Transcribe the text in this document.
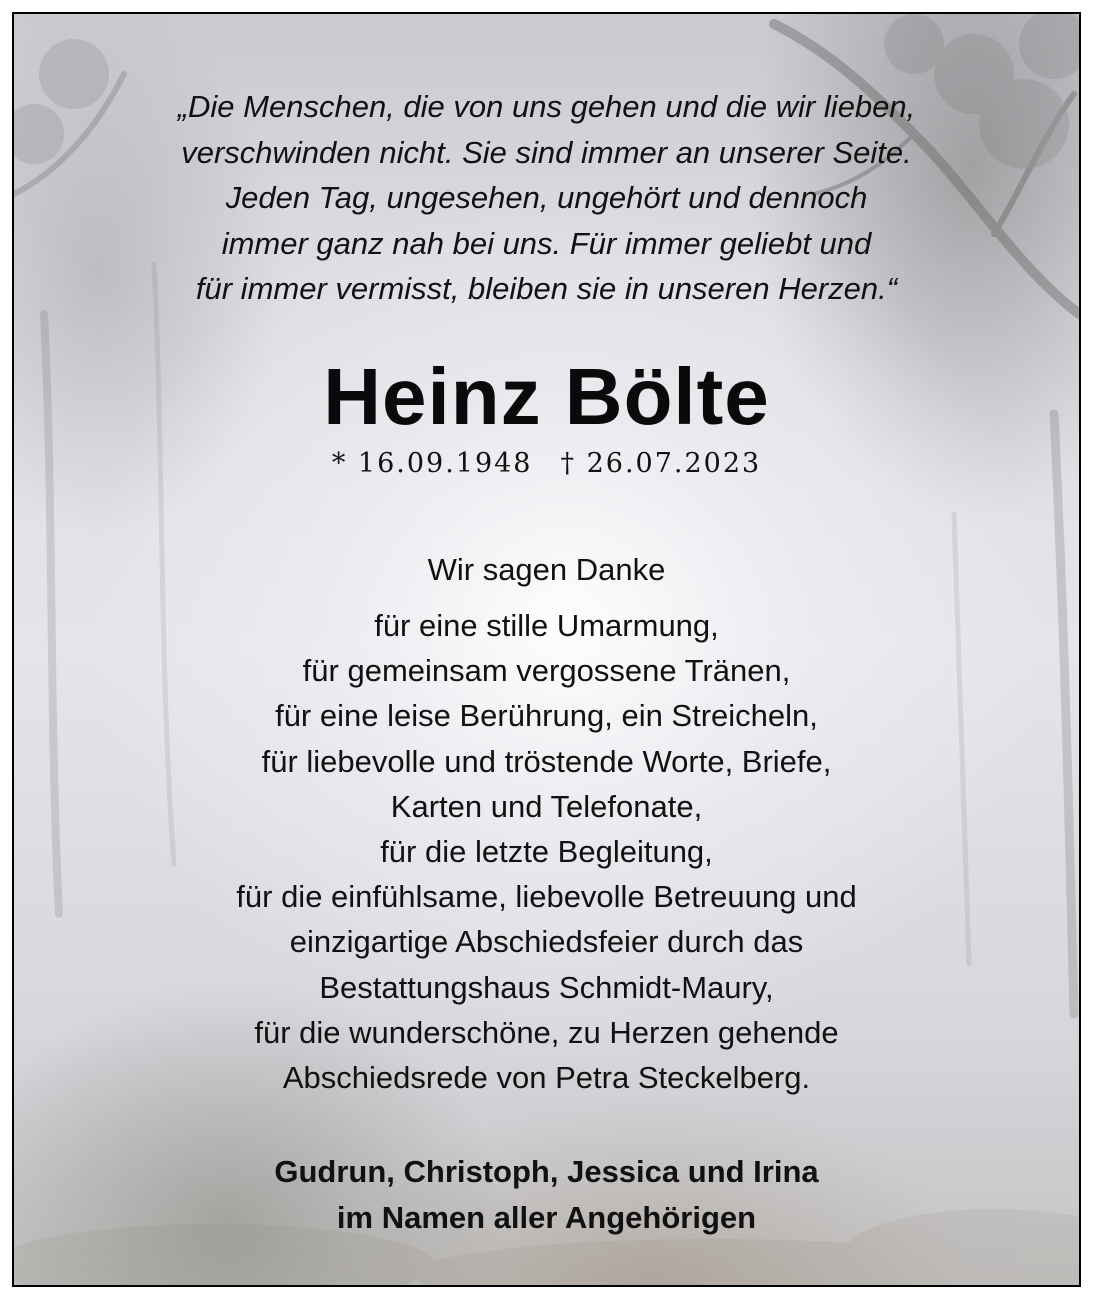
„Die Menschen, die von uns gehen und die wir lieben,
verschwinden nicht. Sie sind immer an unserer Seite.
Jeden Tag, ungesehen, ungehört und dennoch
immer ganz nah bei uns. Für immer geliebt und
für immer vermisst, bleiben sie in unseren Herzen.“
Heinz Bölte
* 16.09.1948 † 26.07.2023
Wir sagen Danke
für eine stille Umarmung,
für gemeinsam vergossene Tränen,
für eine leise Berührung, ein Streicheln,
für liebevolle und tröstende Worte, Briefe,
Karten und Telefonate,
für die letzte Begleitung,
für die einfühlsame, liebevolle Betreuung und
einzigartige Abschiedsfeier durch das
Bestattungshaus Schmidt-Maury,
für die wunderschöne, zu Herzen gehende
Abschiedsrede von Petra Steckelberg.
Gudrun, Christoph, Jessica und Irina
im Namen aller Angehörigen
